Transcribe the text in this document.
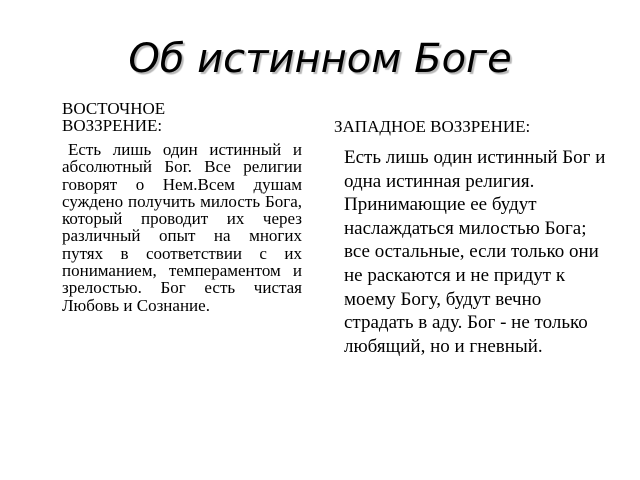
Об истинном Боге
ВОСТОЧНОЕ ВОЗЗРЕНИЕ:

Есть лишь один истинный и абсолютный Бог. Все религии говорят о Нем.Всем душам суждено получить милость Бога, который проводит их через различный опыт на многих путях в соответствии с их пониманием, темпераментом и зрелостью. Бог есть чистая Любовь и Сознание.

ЗАПАДНОЕ ВОЗЗРЕНИЕ:

Есть лишь один истинный Бог и одна истинная религия. Принимающие ее будут наслаждаться милостью Бога; все остальные, если только они не раскаются и не придут к моему Богу, будут вечно страдать в аду. Бог - не только любящий, но и гневный.
